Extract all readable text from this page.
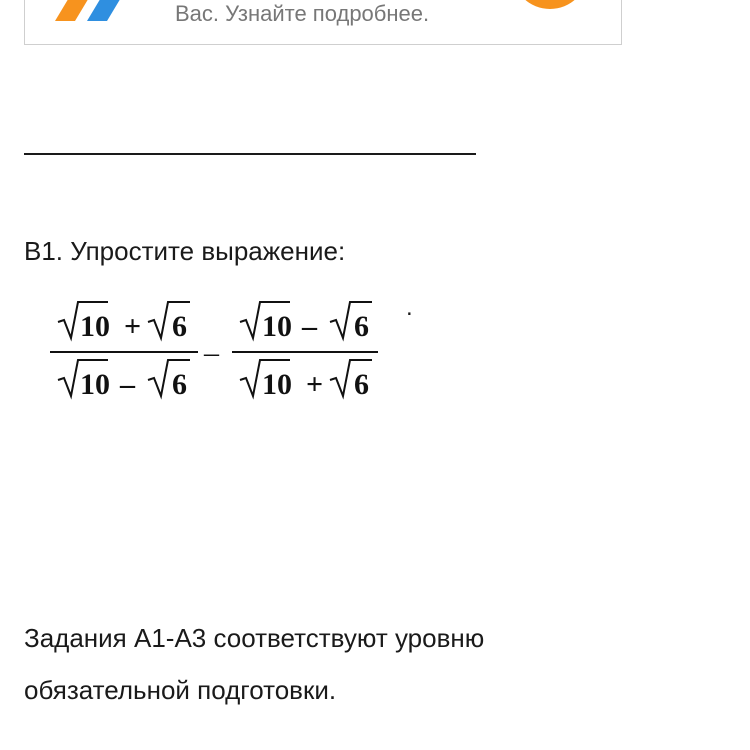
Вас. Узнайте подробнее.
В1. Упростите выражение:
10 + 6
10 – 6
–
10 – 6
10 + 6
.
Задания А1-А3 соответствуют уровню
обязательной подготовки.
